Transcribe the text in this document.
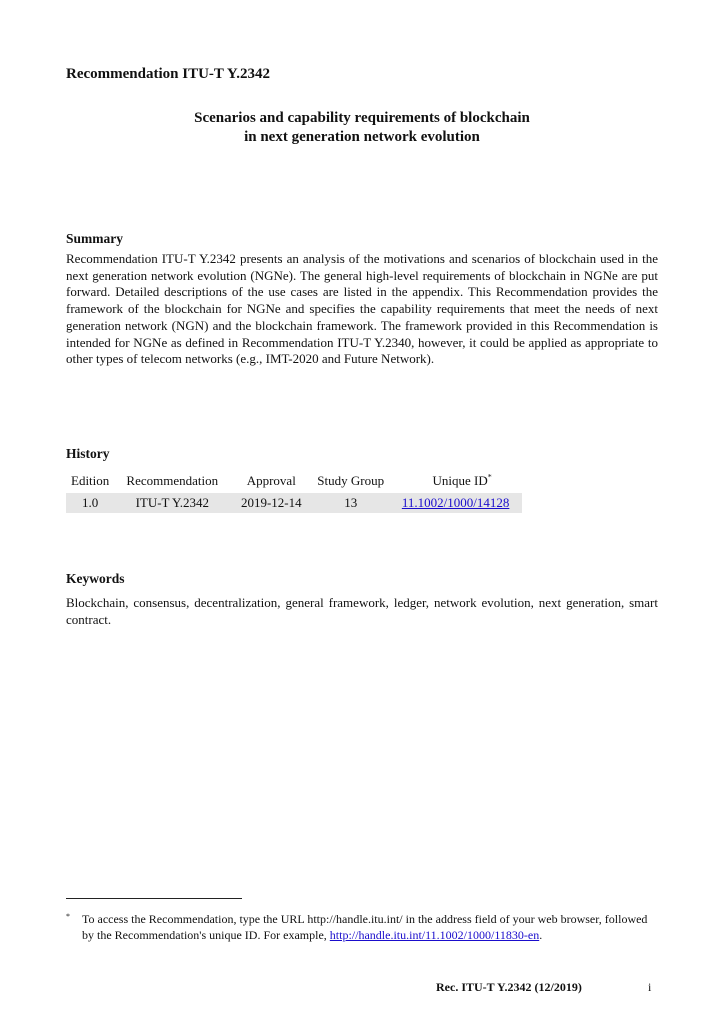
Recommendation ITU-T Y.2342
Scenarios and capability requirements of blockchain
in next generation network evolution
Summary
Recommendation ITU-T Y.2342 presents an analysis of the motivations and scenarios of blockchain used in the next generation network evolution (NGNe). The general high-level requirements of blockchain in NGNe are put forward. Detailed descriptions of the use cases are listed in the appendix. This Recommendation provides the framework of the blockchain for NGNe and specifies the capability requirements that meet the needs of next generation network (NGN) and the blockchain framework. The framework provided in this Recommendation is intended for NGNe as defined in Recommendation ITU-T Y.2340, however, it could be applied as appropriate to other types of telecom networks (e.g., IMT-2020 and Future Network).
History
Edition	Recommendation	Approval	Study Group	Unique ID*
1.0	ITU-T Y.2342	2019-12-14	13	11.1002/1000/14128
Keywords
Blockchain, consensus, decentralization, general framework, ledger, network evolution, next generation, smart contract.
* To access the Recommendation, type the URL http://handle.itu.int/ in the address field of your web browser, followed by the Recommendation's unique ID. For example, http://handle.itu.int/11.1002/1000/11830-en.
Rec. ITU-T Y.2342 (12/2019)	i
